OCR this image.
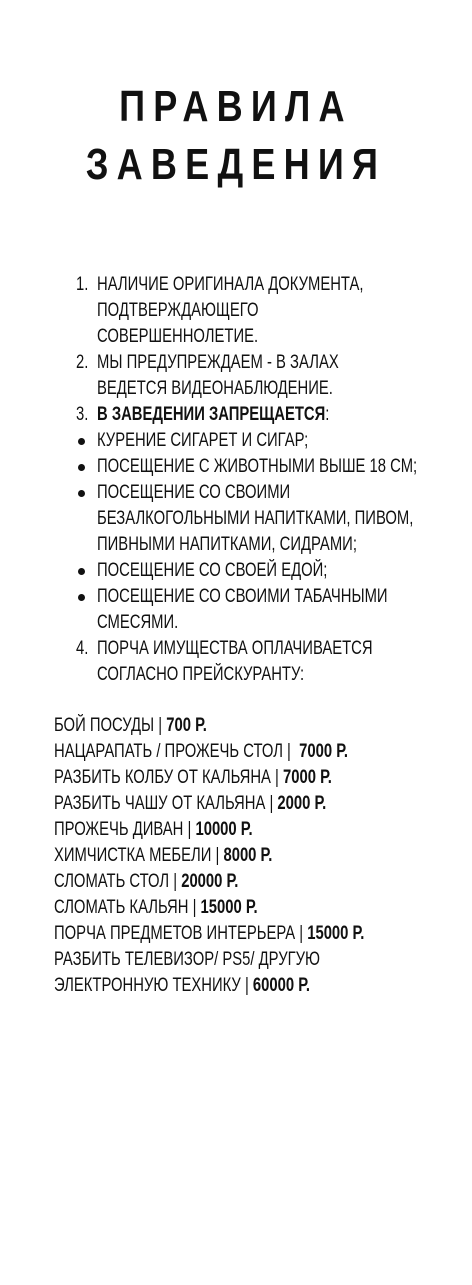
ПРАВИЛА
ЗАВЕДЕНИЯ
1. НАЛИЧИЕ ОРИГИНАЛА ДОКУМЕНТА,
ПОДТВЕРЖДАЮЩЕГО
СОВЕРШЕННОЛЕТИЕ.
2. МЫ ПРЕДУПРЕЖДАЕМ - В ЗАЛАХ
ВЕДЕТСЯ ВИДЕОНАБЛЮДЕНИЕ.
3. В ЗАВЕДЕНИИ ЗАПРЕЩАЕТСЯ:
КУРЕНИЕ СИГАРЕТ И СИГАР;
ПОСЕЩЕНИЕ С ЖИВОТНЫМИ ВЫШЕ 18 СМ;
ПОСЕЩЕНИЕ СО СВОИМИ
БЕЗАЛКОГОЛЬНЫМИ НАПИТКАМИ, ПИВОМ,
ПИВНЫМИ НАПИТКАМИ, СИДРАМИ;
ПОСЕЩЕНИЕ СО СВОЕЙ ЕДОЙ;
ПОСЕЩЕНИЕ СО СВОИМИ ТАБАЧНЫМИ
СМЕСЯМИ.
4. ПОРЧА ИМУЩЕСТВА ОПЛАЧИВАЕТСЯ
СОГЛАСНО ПРЕЙСКУРАНТУ:
БОЙ ПОСУДЫ | 700 Р.
НАЦАРАПАТЬ / ПРОЖЕЧЬ СТОЛ |  7000 Р.
РАЗБИТЬ КОЛБУ ОТ КАЛЬЯНА | 7000 Р.
РАЗБИТЬ ЧАШУ ОТ КАЛЬЯНА | 2000 Р.
ПРОЖЕЧЬ ДИВАН | 10000 Р.
ХИМЧИСТКА МЕБЕЛИ | 8000 Р.
СЛОМАТЬ СТОЛ | 20000 Р.
СЛОМАТЬ КАЛЬЯН | 15000 Р.
ПОРЧА ПРЕДМЕТОВ ИНТЕРЬЕРА | 15000 Р.
РАЗБИТЬ ТЕЛЕВИЗОР/ PS5/ ДРУГУЮ
ЭЛЕКТРОННУЮ ТЕХНИКУ | 60000 Р.
